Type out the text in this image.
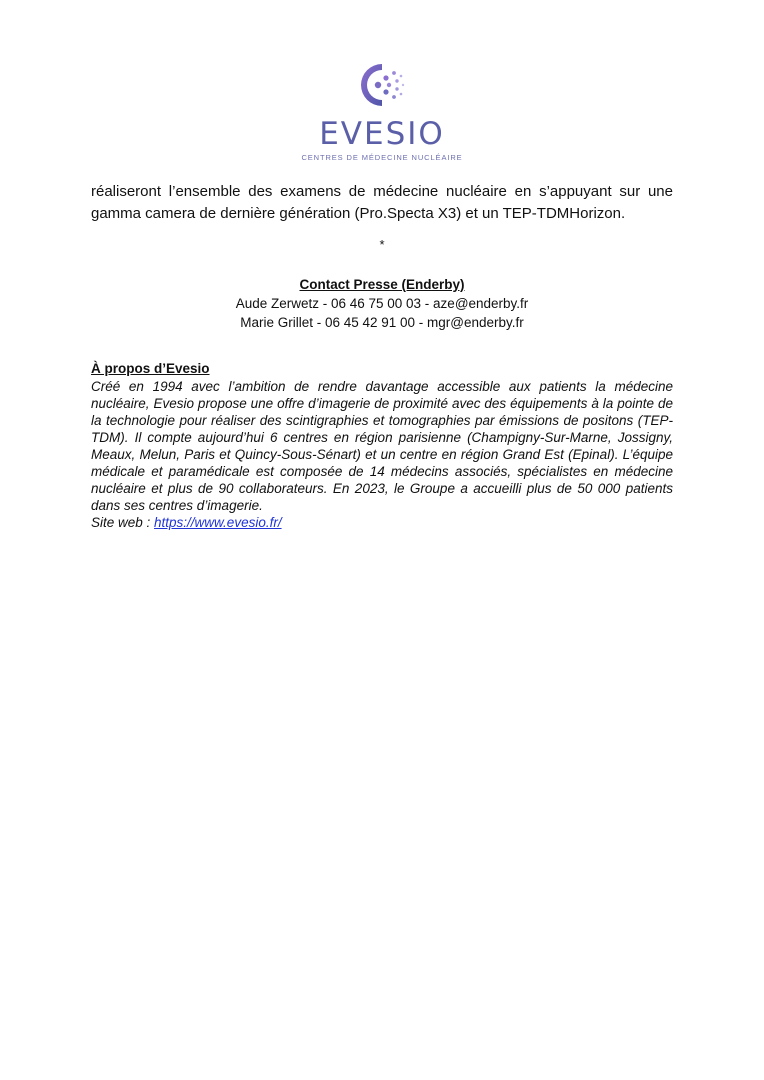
EVESIO
CENTRES DE MÉDECINE NUCLÉAIRE

réaliseront l’ensemble des examens de médecine nucléaire en s’appuyant sur une gamma camera de dernière génération (Pro.Specta X3) et un TEP-TDMHorizon.

*
Contact Presse (Enderby)
Aude Zerwetz - 06 46 75 00 03 - aze@enderby.fr
Marie Grillet - 06 45 42 91 00 - mgr@enderby.fr
À propos d’Evesio

Créé en 1994 avec l’ambition de rendre davantage accessible aux patients la médecine nucléaire, Evesio propose une offre d’imagerie de proximité avec des équipements à la pointe de la technologie pour réaliser des scintigraphies et tomographies par émissions de positons (TEP-TDM). Il compte aujourd’hui 6 centres en région parisienne (Champigny-Sur-Marne, Jossigny, Meaux, Melun, Paris et Quincy-Sous-Sénart) et un centre en région Grand Est (Epinal). L’équipe médicale et paramédicale est composée de 14 médecins associés, spécialistes en médecine nucléaire et plus de 90 collaborateurs. En 2023, le Groupe a accueilli plus de 50 000 patients dans ses centres d’imagerie.

Site web : https://www.evesio.fr/
